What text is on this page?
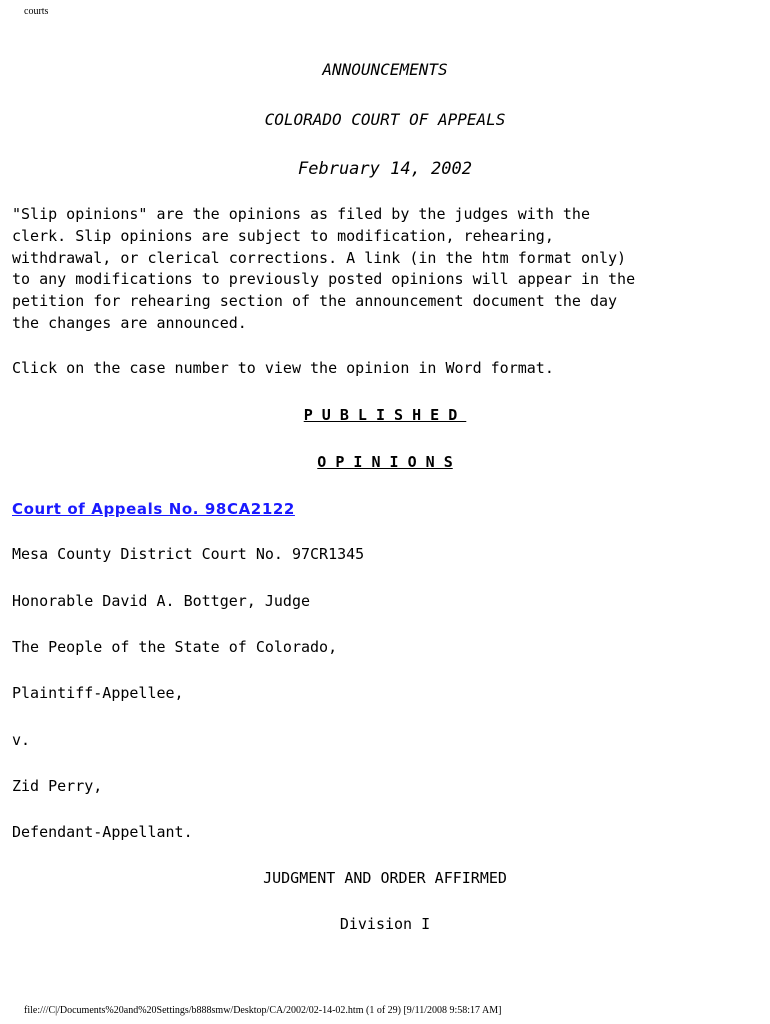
courts
ANNOUNCEMENTS
COLORADO COURT OF APPEALS
February 14, 2002
"Slip opinions" are the opinions as filed by the judges with the
clerk. Slip opinions are subject to modification, rehearing,
withdrawal, or clerical corrections. A link (in the htm format only)
to any modifications to previously posted opinions will appear in the
petition for rehearing section of the announcement document the day
the changes are announced.
Click on the case number to view the opinion in Word format.
P U B L I S H E D
O P I N I O N S
Court of Appeals No. 98CA2122
Mesa County District Court No. 97CR1345
Honorable David A. Bottger, Judge
The People of the State of Colorado,
Plaintiff-Appellee,
v.
Zid Perry,
Defendant-Appellant.
JUDGMENT AND ORDER AFFIRMED
Division I
file:///C|/Documents%20and%20Settings/b888smw/Desktop/CA/2002/02-14-02.htm (1 of 29) [9/11/2008 9:58:17 AM]
